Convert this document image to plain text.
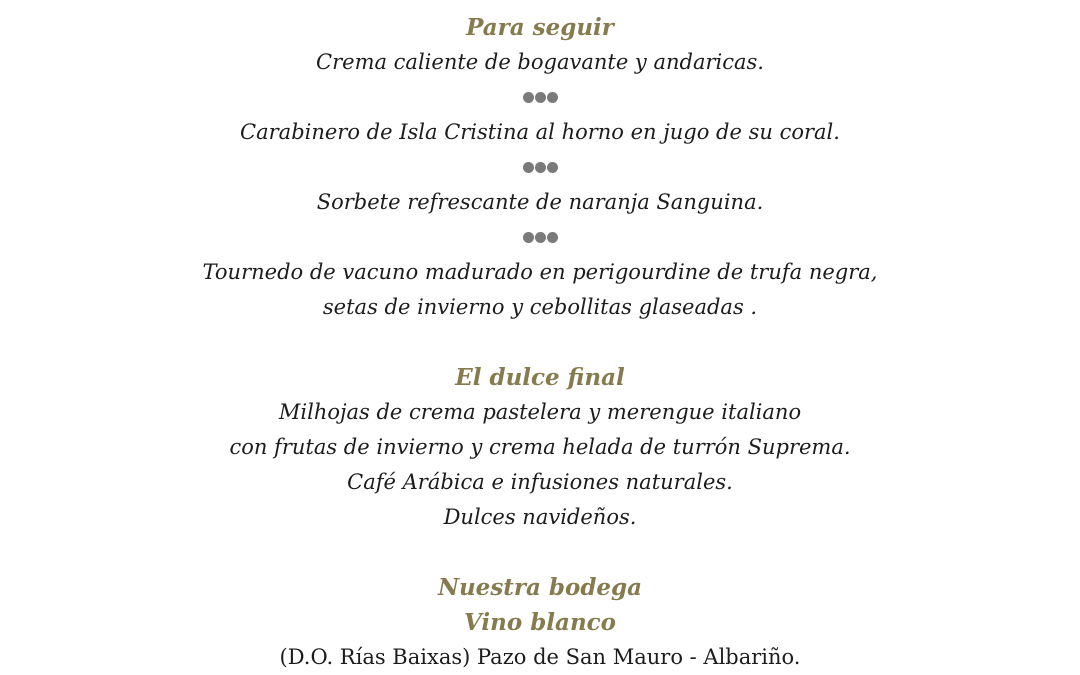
Para seguir
Crema caliente de bogavante y andaricas.
Carabinero de Isla Cristina al horno en jugo de su coral.
Sorbete refrescante de naranja Sanguina.
Tournedo de vacuno madurado en perigourdine de trufa negra,
setas de invierno y cebollitas glaseadas .
El dulce final
Milhojas de crema pastelera y merengue italiano
con frutas de invierno y crema helada de turrón Suprema.
Café Arábica e infusiones naturales.
Dulces navideños.
Nuestra bodega
Vino blanco
(D.O. Rías Baixas) Pazo de San Mauro - Albariño.
